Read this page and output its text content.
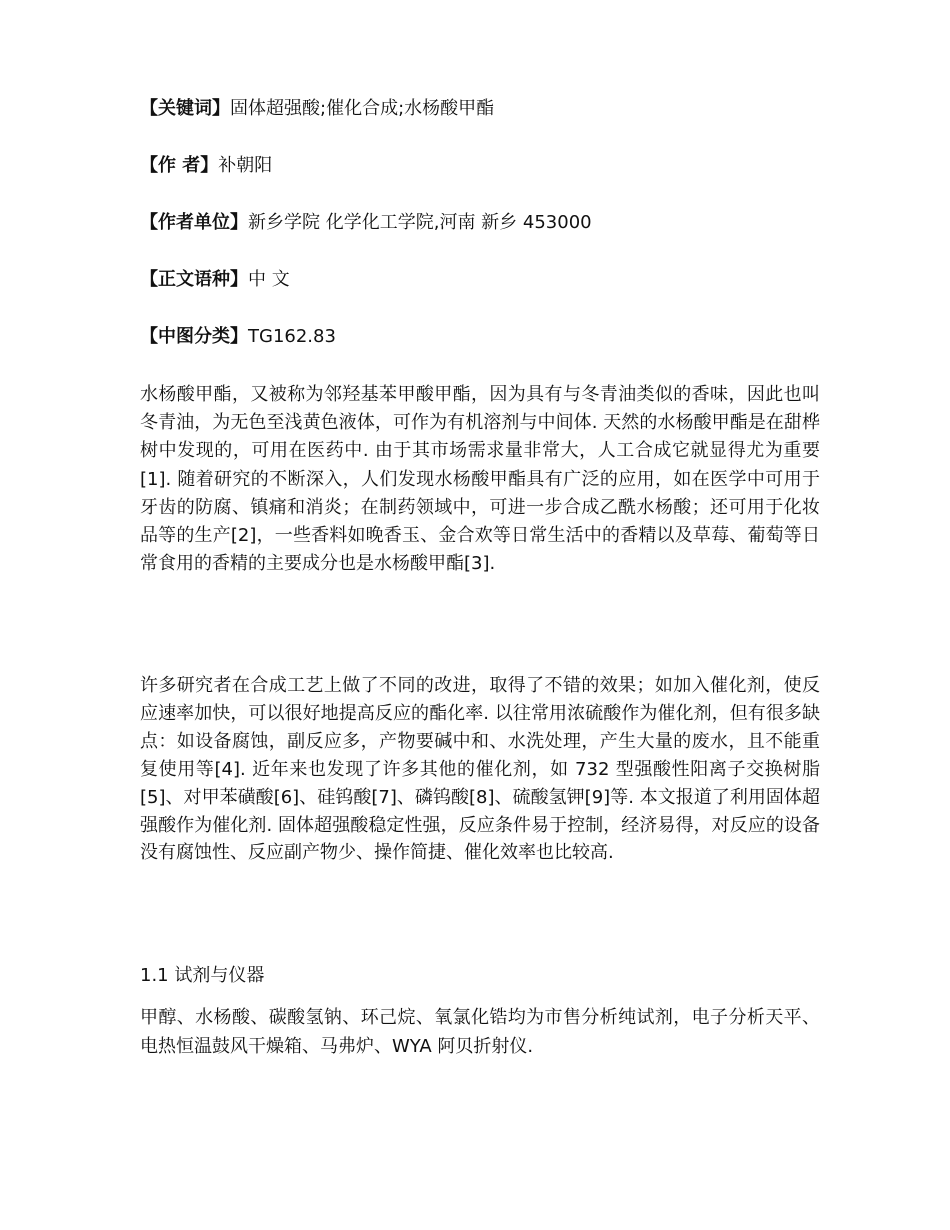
【关键词】固体超强酸;催化合成;水杨酸甲酯
【作 者】补朝阳
【作者单位】新乡学院 化学化工学院,河南 新乡 453000
【正文语种】中 文
【中图分类】TG162.83
水杨酸甲酯，又被称为邻羟基苯甲酸甲酯，因为具有与冬青油类似的香味，因此也叫冬青油，为无色至浅黄色液体，可作为有机溶剂与中间体. 天然的水杨酸甲酯是在甜桦树中发现的，可用在医药中. 由于其市场需求量非常大，人工合成它就显得尤为重要[1]. 随着研究的不断深入，人们发现水杨酸甲酯具有广泛的应用，如在医学中可用于牙齿的防腐、镇痛和消炎；在制药领域中，可进一步合成乙酰水杨酸；还可用于化妆品等的生产[2]，一些香料如晚香玉、金合欢等日常生活中的香精以及草莓、葡萄等日常食用的香精的主要成分也是水杨酸甲酯[3].
许多研究者在合成工艺上做了不同的改进，取得了不错的效果；如加入催化剂，使反应速率加快，可以很好地提高反应的酯化率. 以往常用浓硫酸作为催化剂，但有很多缺点：如设备腐蚀，副反应多，产物要碱中和、水洗处理，产生大量的废水，且不能重复使用等[4]. 近年来也发现了许多其他的催化剂，如 732 型强酸性阳离子交换树脂[5]、对甲苯磺酸[6]、硅钨酸[7]、磷钨酸[8]、硫酸氢钾[9]等. 本文报道了利用固体超强酸作为催化剂. 固体超强酸稳定性强，反应条件易于控制，经济易得，对反应的设备没有腐蚀性、反应副产物少、操作简捷、催化效率也比较高.
1.1 试剂与仪器
甲醇、水杨酸、碳酸氢钠、环己烷、氧氯化锆均为市售分析纯试剂，电子分析天平、电热恒温鼓风干燥箱、马弗炉、WYA 阿贝折射仪.
